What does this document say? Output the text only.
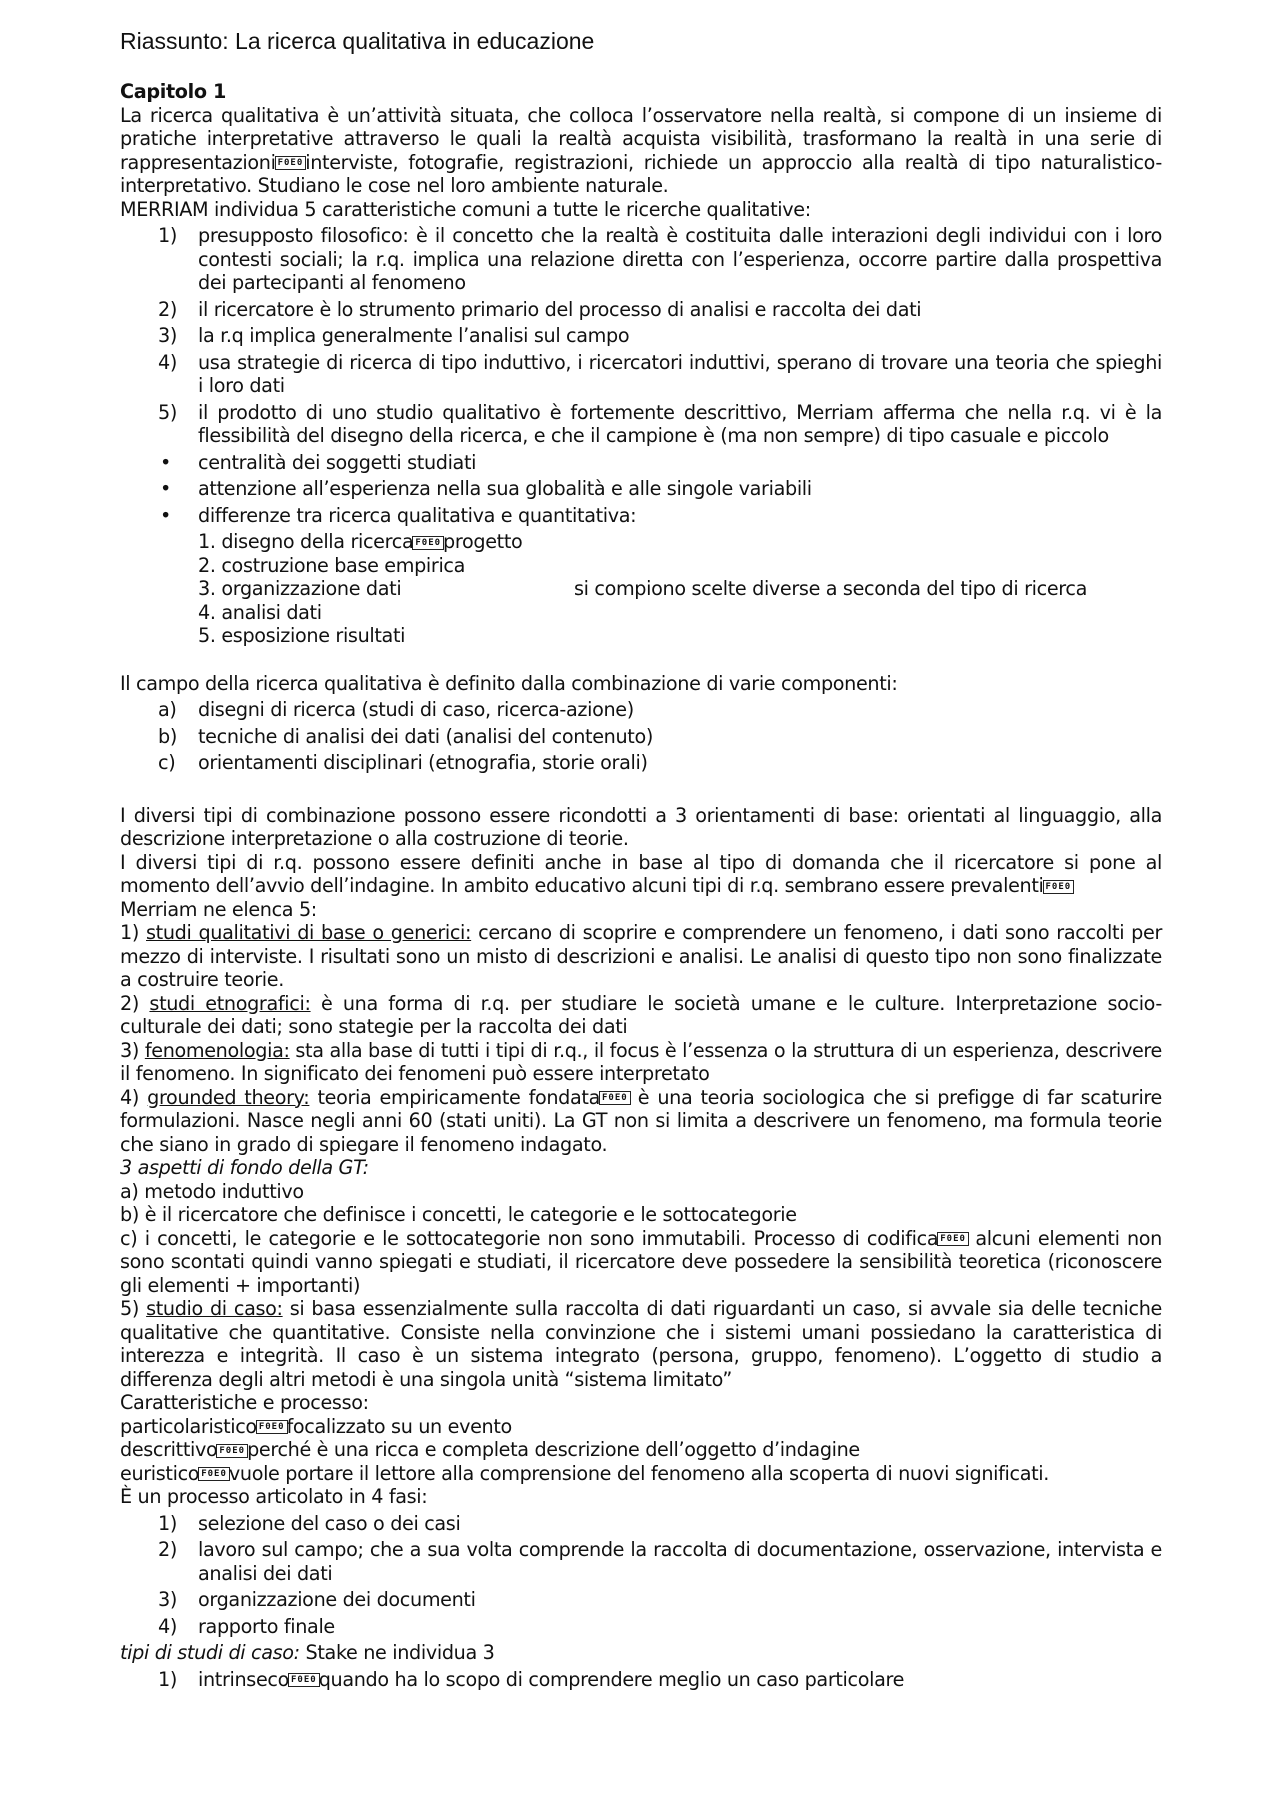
Riassunto: La ricerca qualitativa in educazione

Capitolo 1

La ricerca qualitativa è un’attività situata, che colloca l’osservatore nella realtà, si compone di un insieme di pratiche interpretative attraverso le quali la realtà acquista visibilità, trasformano la realtà in una serie di rappresentazioni F0E0 interviste, fotografie, registrazioni, richiede un approccio alla realtà di tipo naturalistico-interpretativo. Studiano le cose nel loro ambiente naturale.

MERRIAM individua 5 caratteristiche comuni a tutte le ricerche qualitative:

1) presupposto filosofico: è il concetto che la realtà è costituita dalle interazioni degli individui con i loro contesti sociali; la r.q. implica una relazione diretta con l’esperienza, occorre partire dalla prospettiva dei partecipanti al fenomeno
2) il ricercatore è lo strumento primario del processo di analisi e raccolta dei dati
3) la r.q implica generalmente l’analisi sul campo
4) usa strategie di ricerca di tipo induttivo, i ricercatori induttivi, sperano di trovare una teoria che spieghi i loro dati
5) il prodotto di uno studio qualitativo è fortemente descrittivo, Merriam afferma che nella r.q. vi è la flessibilità del disegno della ricerca, e che il campione è (ma non sempre) di tipo casuale e piccolo
• centralità dei soggetti studiati
• attenzione all’esperienza nella sua globalità e alle singole variabili
• differenze tra ricerca qualitativa e quantitativa:

1. disegno della ricerca F0E0 progetto

2. costruzione base empirica

3. organizzazione dati

4. analisi dati

5. esposizione risultati

si compiono scelte diverse a seconda del tipo di ricerca

Il campo della ricerca qualitativa è definito dalla combinazione di varie componenti:

a) disegni di ricerca (studi di caso, ricerca-azione)
b) tecniche di analisi dei dati (analisi del contenuto)
c) orientamenti disciplinari (etnografia, storie orali)

I diversi tipi di combinazione possono essere ricondotti a 3 orientamenti di base: orientati al linguaggio, alla descrizione interpretazione o alla costruzione di teorie.

I diversi tipi di r.q. possono essere definiti anche in base al tipo di domanda che il ricercatore si pone al momento dell’avvio dell’indagine. In ambito educativo alcuni tipi di r.q. sembrano essere prevalenti F0E0

Merriam ne elenca 5:

1) studi qualitativi di base o generici: cercano di scoprire e comprendere un fenomeno, i dati sono raccolti per mezzo di interviste. I risultati sono un misto di descrizioni e analisi. Le analisi di questo tipo non sono finalizzate a costruire teorie.

2) studi etnografici: è una forma di r.q. per studiare le società umane e le culture. Interpretazione socio-culturale dei dati; sono stategie per la raccolta dei dati

3) fenomenologia: sta alla base di tutti i tipi di r.q., il focus è l’essenza o la struttura di un esperienza, descrivere il fenomeno. In significato dei fenomeni può essere interpretato

4) grounded theory: teoria empiricamente fondata F0E0 è una teoria sociologica che si prefigge di far scaturire formulazioni. Nasce negli anni 60 (stati uniti). La GT non si limita a descrivere un fenomeno, ma formula teorie che siano in grado di spiegare il fenomeno indagato.

3 aspetti di fondo della GT:

a) metodo induttivo

b) è il ricercatore che definisce i concetti, le categorie e le sottocategorie

c) i concetti, le categorie e le sottocategorie non sono immutabili. Processo di codifica F0E0 alcuni elementi non sono scontati quindi vanno spiegati e studiati, il ricercatore deve possedere la sensibilità teoretica (riconoscere gli elementi + importanti)

5) studio di caso: si basa essenzialmente sulla raccolta di dati riguardanti un caso, si avvale sia delle tecniche qualitative che quantitative. Consiste nella convinzione che i sistemi umani possiedano la caratteristica di interezza e integrità. Il caso è un sistema integrato (persona, gruppo, fenomeno). L’oggetto di studio a differenza degli altri metodi è una singola unità “sistema limitato”

Caratteristiche e processo:

particolaristico F0E0 focalizzato su un evento

descrittivo F0E0 perché è una ricca e completa descrizione dell’oggetto d’indagine

euristico F0E0 vuole portare il lettore alla comprensione del fenomeno alla scoperta di nuovi significati.

È un processo articolato in 4 fasi:

1) selezione del caso o dei casi
2) lavoro sul campo; che a sua volta comprende la raccolta di documentazione, osservazione, intervista e analisi dei dati
3) organizzazione dei documenti
4) rapporto finale

tipi di studi di caso: Stake ne individua 3

1) intrinseco F0E0 quando ha lo scopo di comprendere meglio un caso particolare
